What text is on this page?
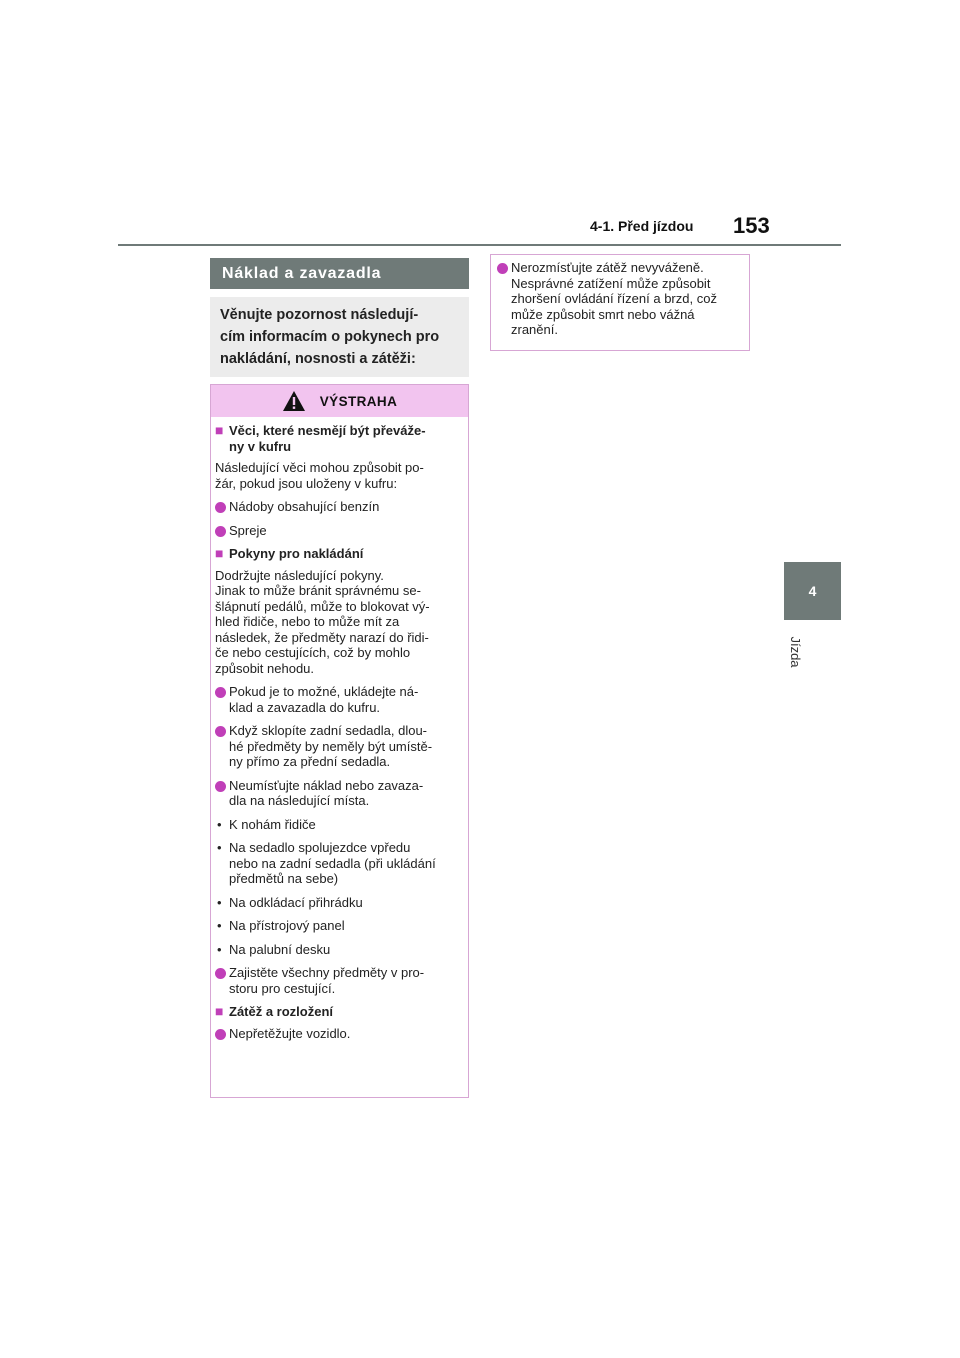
4-1. Před jízdou 153
4
Jízda
Náklad a zavazadla
Věnujte pozornost následují-
cím informacím o pokynech pro
nakládání, nosnosti a zátěži:
VÝSTRAHA
■ Věci, které nesmějí být převáže-
ny v kufru
Následující věci mohou způsobit po-
žár, pokud jsou uloženy v kufru:
Nádoby obsahující benzín
Spreje
■ Pokyny pro nakládání
Dodržujte následující pokyny.
Jinak to může bránit správnému se-
šlápnutí pedálů, může to blokovat vý-
hled řidiče, nebo to může mít za
následek, že předměty narazí do řidi-
če nebo cestujících, což by mohlo
způsobit nehodu.
Pokud je to možné, ukládejte ná-
klad a zavazadla do kufru.
Když sklopíte zadní sedadla, dlou-
hé předměty by neměly být umístě-
ny přímo za přední sedadla.
Neumísťujte náklad nebo zavaza-
dla na následující místa.
• K nohám řidiče
• Na sedadlo spolujezdce vpředu
nebo na zadní sedadla (při ukládání
předmětů na sebe)
• Na odkládací přihrádku
• Na přístrojový panel
• Na palubní desku
Zajistěte všechny předměty v pro-
storu pro cestující.
■ Zátěž a rozložení
Nepřetěžujte vozidlo.
Nerozmísťujte zátěž nevyváženě.
Nesprávné zatížení může způsobit
zhoršení ovládání řízení a brzd, což
může způsobit smrt nebo vážná
zranění.
